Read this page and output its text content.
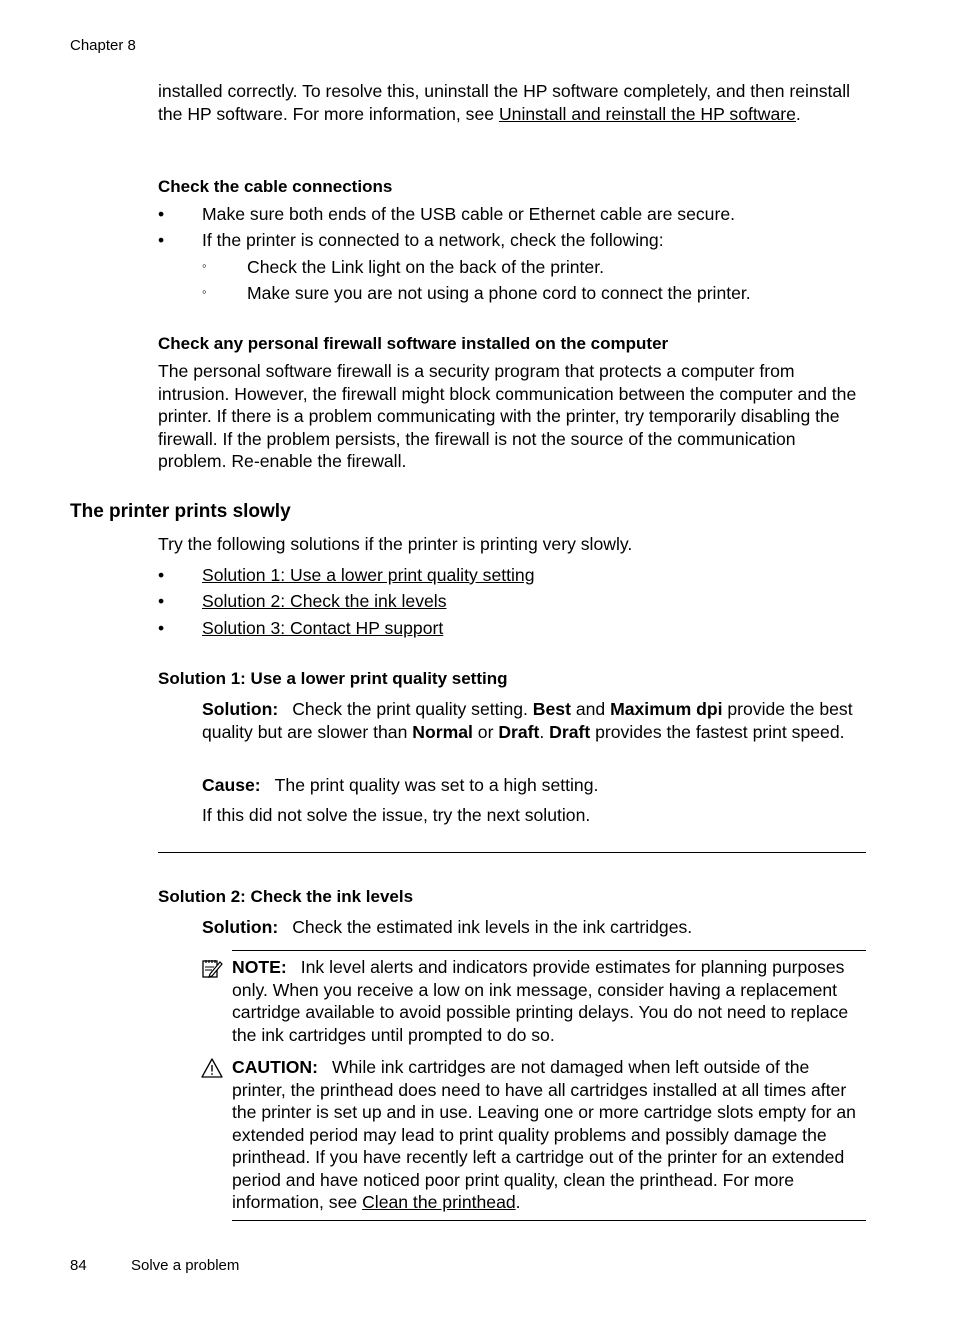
Chapter 8

installed correctly. To resolve this, uninstall the HP software completely, and then reinstall the HP software. For more information, see Uninstall and reinstall the HP software.

Check the cable connections
•	Make sure both ends of the USB cable or Ethernet cable are secure.
•	If the printer is connected to a network, check the following:
◦ Check the Link light on the back of the printer.
◦ Make sure you are not using a phone cord to connect the printer.
Check any personal firewall software installed on the computer

The personal software firewall is a security program that protects a computer from intrusion. However, the firewall might block communication between the computer and the printer. If there is a problem communicating with the printer, try temporarily disabling the firewall. If the problem persists, the firewall is not the source of the communication problem. Re-enable the firewall.

The printer prints slowly
Try the following solutions if the printer is printing very slowly.
•	Solution 1: Use a lower print quality setting
•	Solution 2: Check the ink levels
•	Solution 3: Contact HP support
Solution 1: Use a lower print quality setting

Solution: Check the print quality setting. Best and Maximum dpi provide the best quality but are slower than Normal or Draft. Draft provides the fastest print speed.

Cause: The print quality was set to a high setting.

If this did not solve the issue, try the next solution.

Solution 2: Check the ink levels

Solution: Check the estimated ink levels in the ink cartridges.

NOTE: Ink level alerts and indicators provide estimates for planning purposes only. When you receive a low on ink message, consider having a replacement cartridge available to avoid possible printing delays. You do not need to replace the ink cartridges until prompted to do so.

CAUTION: While ink cartridges are not damaged when left outside of the printer, the printhead does need to have all cartridges installed at all times after the printer is set up and in use. Leaving one or more cartridge slots empty for an extended period may lead to print quality problems and possibly damage the printhead. If you have recently left a cartridge out of the printer for an extended period and have noticed poor print quality, clean the printhead. For more information, see Clean the printhead.

84	Solve a problem
